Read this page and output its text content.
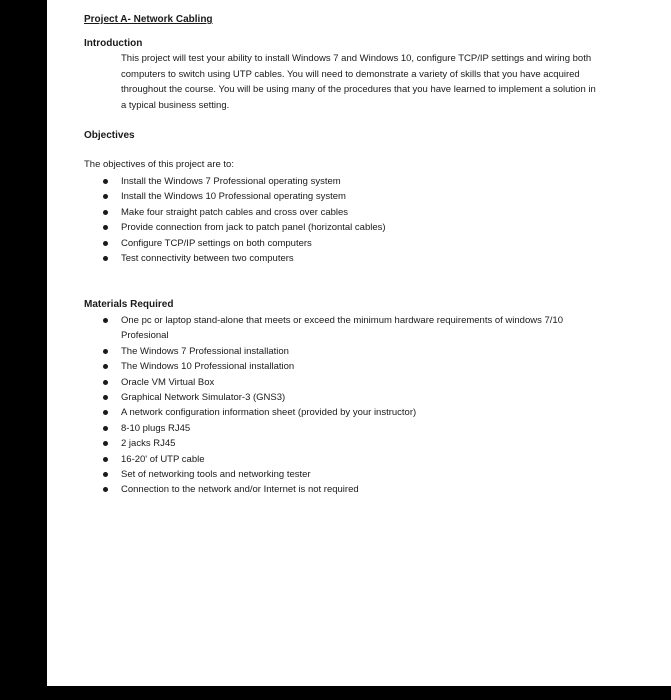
Project A- Network Cabling
Introduction
This project will test your ability to install Windows 7 and Windows 10, configure TCP/IP settings and wiring both computers to switch using UTP cables. You will need to demonstrate a variety of skills that you have acquired throughout the course. You will be using many of the procedures that you have learned to implement a solution in a typical business setting.
Objectives
The objectives of this project are to:
Install the Windows 7 Professional operating system
Install the Windows 10 Professional operating system
Make four straight patch cables and cross over cables
Provide connection from jack to patch panel (horizontal cables)
Configure TCP/IP settings on both computers
Test connectivity between two computers
Materials Required
One pc or laptop stand-alone that meets or exceed the minimum hardware requirements of windows 7/10 Profesional
The Windows 7 Professional installation
The Windows 10 Professional installation
Oracle VM Virtual Box
Graphical Network Simulator-3 (GNS3)
A network configuration information sheet (provided by your instructor)
8-10 plugs RJ45
2 jacks RJ45
16-20' of UTP cable
Set of networking tools and networking tester
Connection to the network and/or Internet is not required
